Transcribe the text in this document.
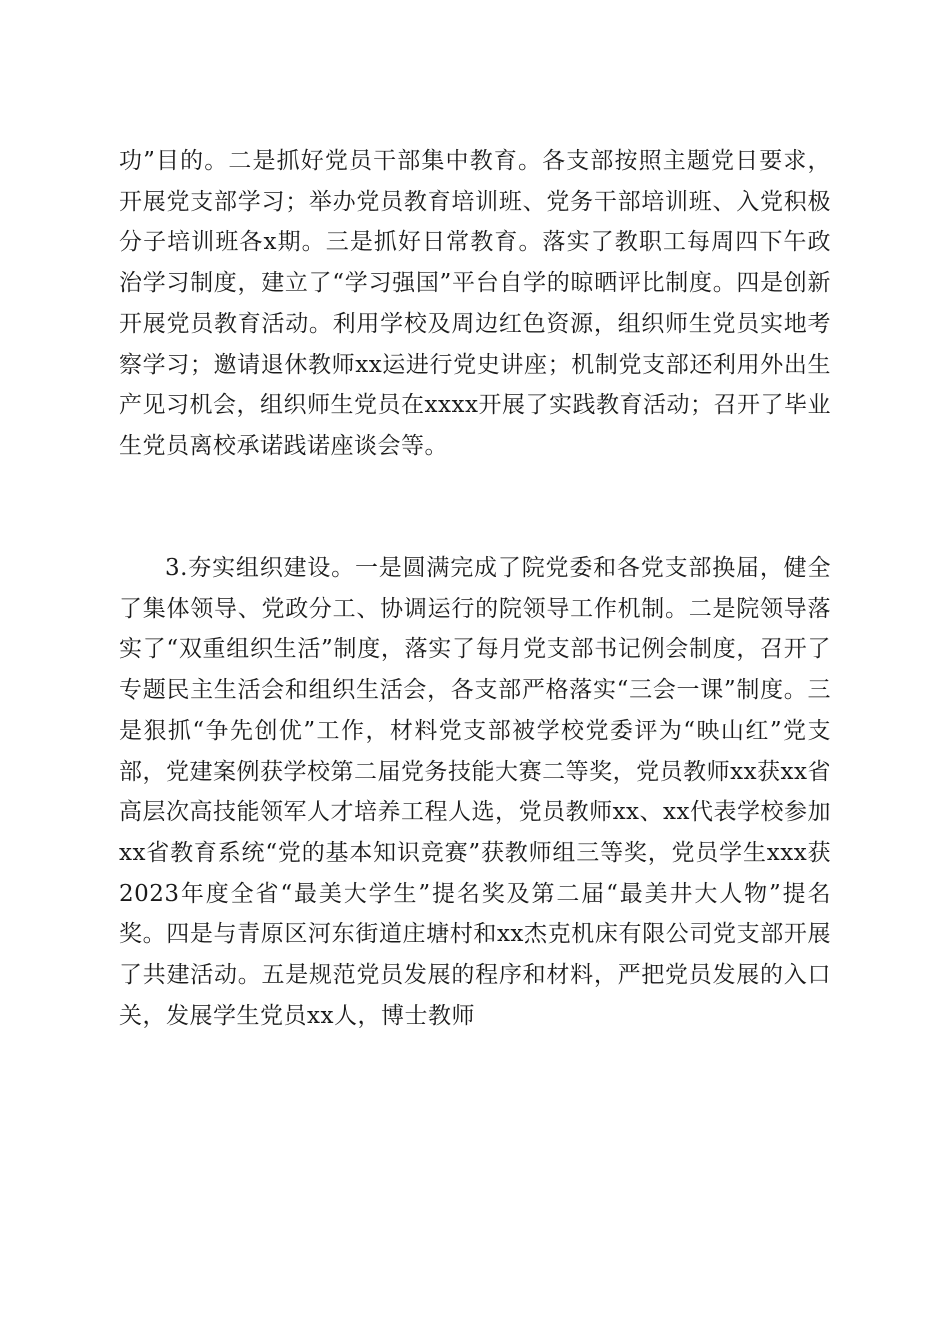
功”目的。二是抓好党员干部集中教育。各支部按照主题党日要求，开展党支部学习；举办党员教育培训班、党务干部培训班、入党积极分子培训班各x期。三是抓好日常教育。落实了教职工每周四下午政治学习制度，建立了“学习强国”平台自学的晾晒评比制度。四是创新开展党员教育活动。利用学校及周边红色资源，组织师生党员实地考察学习；邀请退休教师xx运进行党史讲座；机制党支部还利用外出生产见习机会，组织师生党员在xxxx开展了实践教育活动；召开了毕业生党员离校承诺践诺座谈会等。

3.夯实组织建设。一是圆满完成了院党委和各党支部换届，健全了集体领导、党政分工、协调运行的院领导工作机制。二是院领导落实了“双重组织生活”制度，落实了每月党支部书记例会制度，召开了专题民主生活会和组织生活会，各支部严格落实“三会一课”制度。三是狠抓“争先创优”工作，材料党支部被学校党委评为“映山红”党支部，党建案例获学校第二届党务技能大赛二等奖，党员教师xx获xx省高层次高技能领军人才培养工程人选，党员教师xx、xx代表学校参加xx省教育系统“党的基本知识竞赛”获教师组三等奖，党员学生xxx获2023年度全省“最美大学生”提名奖及第二届“最美井大人物”提名奖。四是与青原区河东街道庄塘村和xx杰克机床有限公司党支部开展了共建活动。五是规范党员发展的程序和材料，严把党员发展的入口关，发展学生党员xx人，博士教师
